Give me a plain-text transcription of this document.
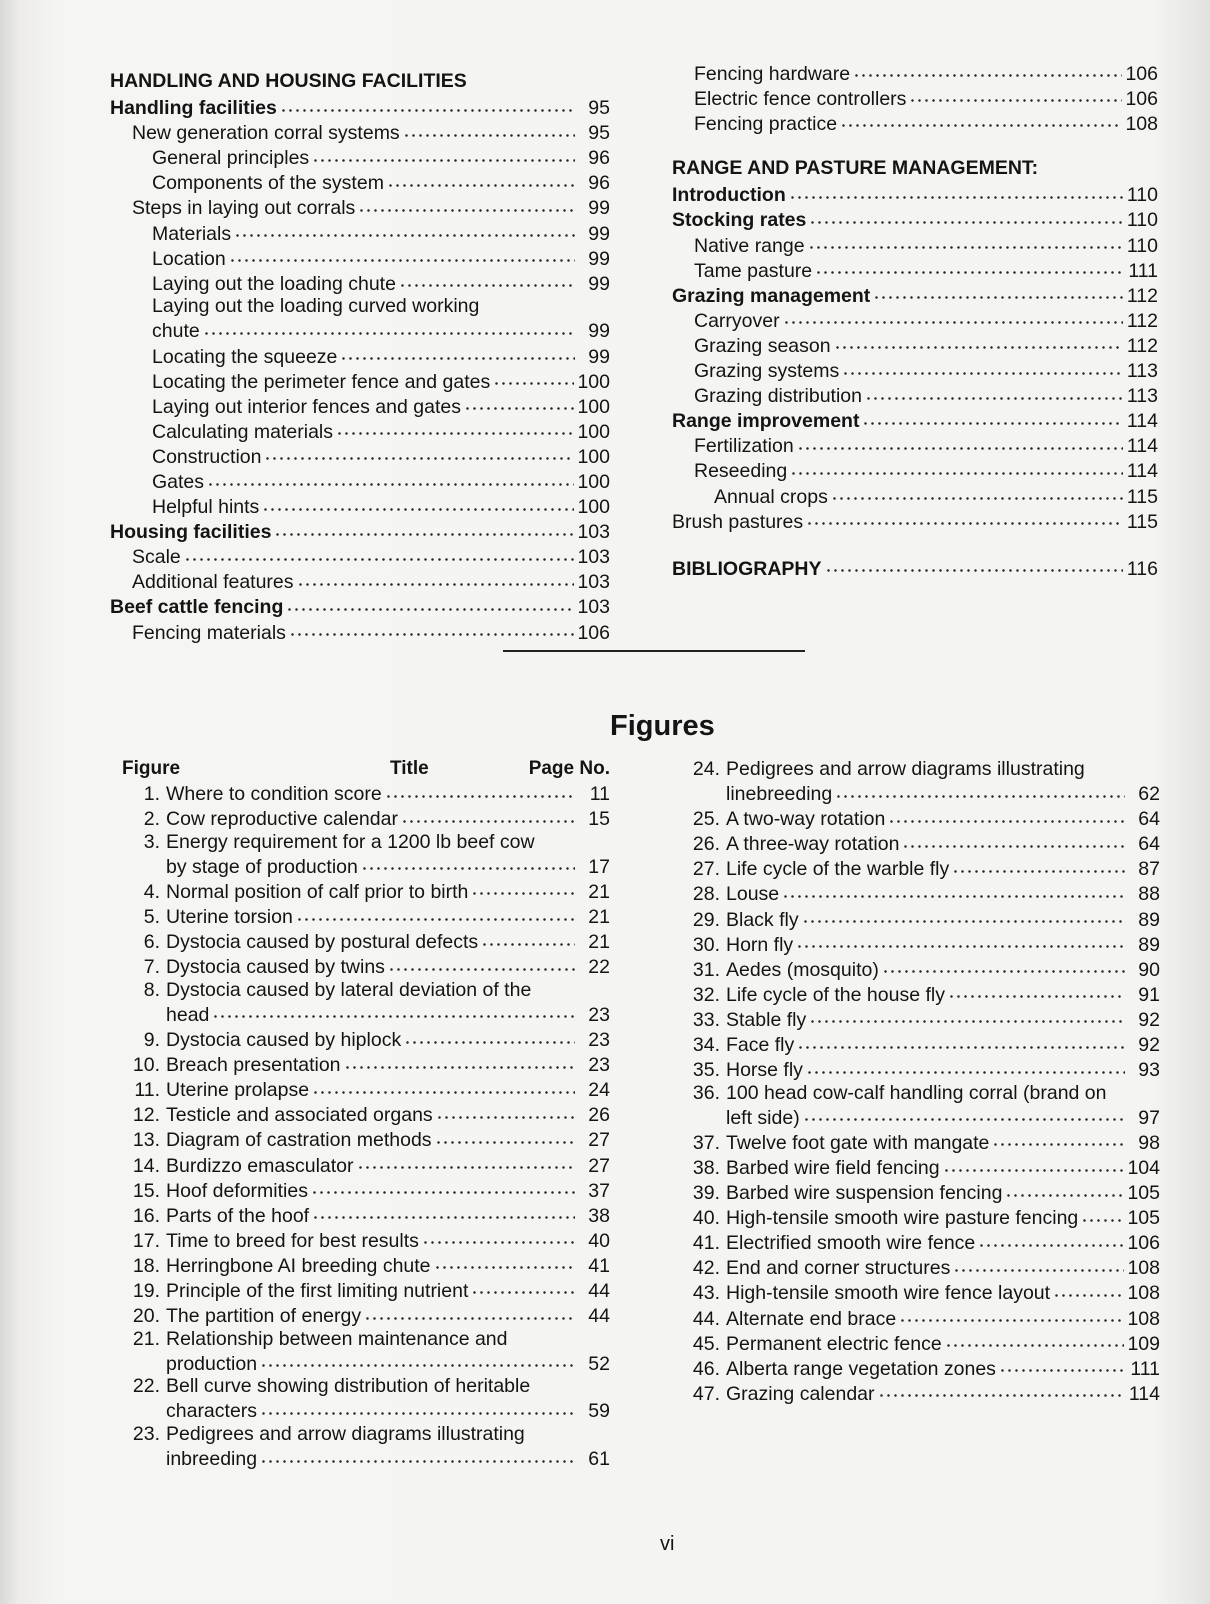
HANDLING AND HOUSING FACILITIES
Handling facilities	95
New generation corral systems	95
General principles	96
Components of the system	96
Steps in laying out corrals	99
Materials	99
Location	99
Laying out the loading chute	99
Laying out the loading curved working
chute	99
Locating the squeeze	99
Locating the perimeter fence and gates	100
Laying out interior fences and gates	100
Calculating materials	100
Construction	100
Gates	100
Helpful hints	100
Housing facilities	103
Scale	103
Additional features	103
Beef cattle fencing	103
Fencing materials	106
Fencing hardware	106
Electric fence controllers	106
Fencing practice	108
RANGE AND PASTURE MANAGEMENT:
Introduction	110
Stocking rates	110
Native range	110
Tame pasture	111
Grazing management	112
Carryover	112
Grazing season	112
Grazing systems	113
Grazing distribution	113
Range improvement	114
Fertilization	114
Reseeding	114
Annual crops	115
Brush pastures	115
BIBLIOGRAPHY	116
Figures
Figure	Title	Page No.
1. Where to condition score	11
2. Cow reproductive calendar	15
3. Energy requirement for a 1200 lb beef cow
by stage of production	17
4. Normal position of calf prior to birth	21
5. Uterine torsion	21
6. Dystocia caused by postural defects	21
7. Dystocia caused by twins	22
8. Dystocia caused by lateral deviation of the
head	23
9. Dystocia caused by hiplock	23
10. Breach presentation	23
11. Uterine prolapse	24
12. Testicle and associated organs	26
13. Diagram of castration methods	27
14. Burdizzo emasculator	27
15. Hoof deformities	37
16. Parts of the hoof	38
17. Time to breed for best results	40
18. Herringbone AI breeding chute	41
19. Principle of the first limiting nutrient	44
20. The partition of energy	44
21. Relationship between maintenance and
production	52
22. Bell curve showing distribution of heritable
characters	59
23. Pedigrees and arrow diagrams illustrating
inbreeding	61
24. Pedigrees and arrow diagrams illustrating
linebreeding	62
25. A two-way rotation	64
26. A three-way rotation	64
27. Life cycle of the warble fly	87
28. Louse	88
29. Black fly	89
30. Horn fly	89
31. Aedes (mosquito)	90
32. Life cycle of the house fly	91
33. Stable fly	92
34. Face fly	92
35. Horse fly	93
36. 100 head cow-calf handling corral (brand on
left side)	97
37. Twelve foot gate with mangate	98
38. Barbed wire field fencing	104
39. Barbed wire suspension fencing	105
40. High-tensile smooth wire pasture fencing	105
41. Electrified smooth wire fence	106
42. End and corner structures	108
43. High-tensile smooth wire fence layout	108
44. Alternate end brace	108
45. Permanent electric fence	109
46. Alberta range vegetation zones	111
47. Grazing calendar	114
vi
